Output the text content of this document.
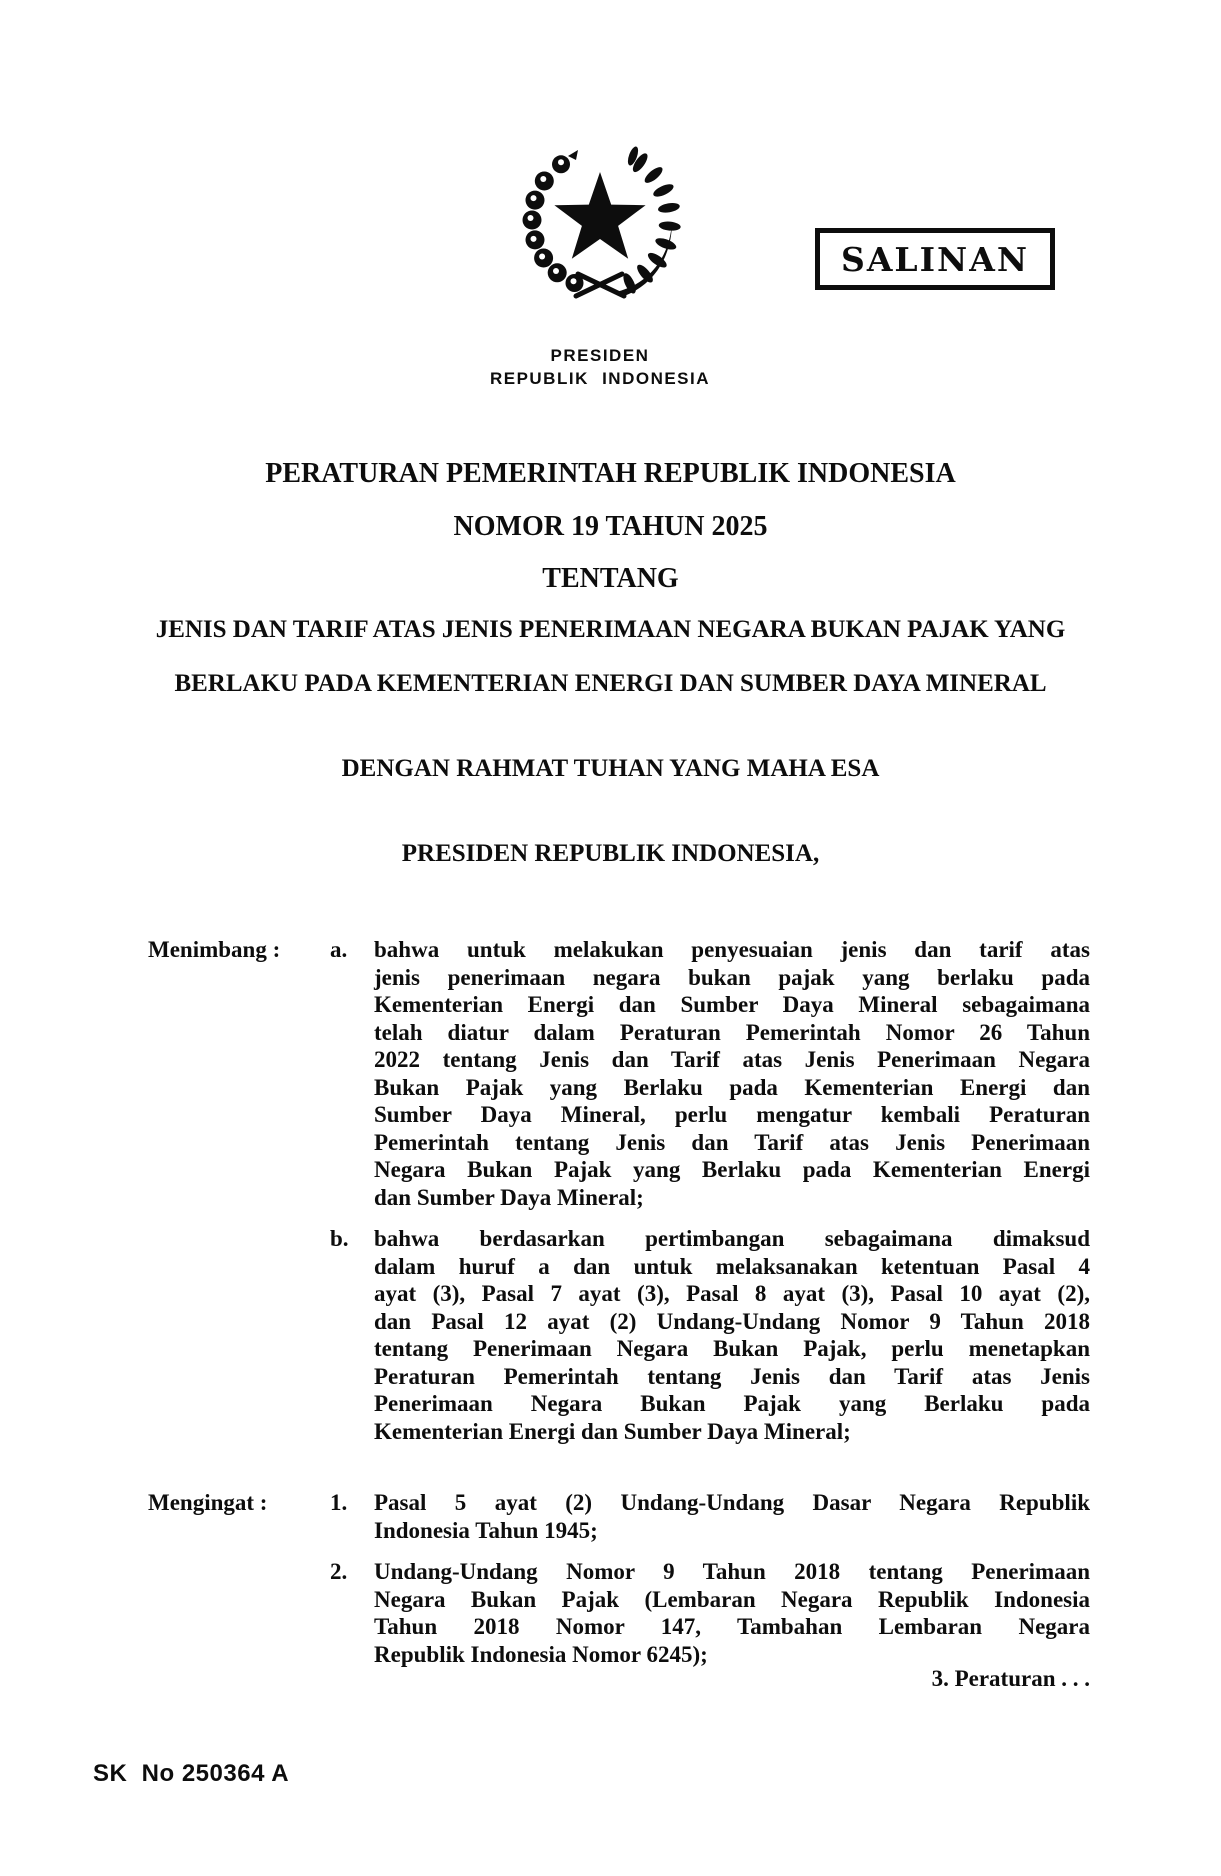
SALINAN
PRESIDEN
REPUBLIK INDONESIA
PERATURAN PEMERINTAH REPUBLIK INDONESIA
NOMOR 19 TAHUN 2025
TENTANG
JENIS DAN TARIF ATAS JENIS PENERIMAAN NEGARA BUKAN PAJAK YANG
BERLAKU PADA KEMENTERIAN ENERGI DAN SUMBER DAYA MINERAL
DENGAN RAHMAT TUHAN YANG MAHA ESA
PRESIDEN REPUBLIK INDONESIA,
Menimbang :	a.	bahwa untuk melakukan penyesuaian jenis dan tarif atas
jenis penerimaan negara bukan pajak yang berlaku pada
Kementerian Energi dan Sumber Daya Mineral sebagaimana
telah diatur dalam Peraturan Pemerintah Nomor 26 Tahun
2022 tentang Jenis dan Tarif atas Jenis Penerimaan Negara
Bukan Pajak yang Berlaku pada Kementerian Energi dan
Sumber Daya Mineral, perlu mengatur kembali Peraturan
Pemerintah tentang Jenis dan Tarif atas Jenis Penerimaan
Negara Bukan Pajak yang Berlaku pada Kementerian Energi
dan Sumber Daya Mineral;
b.	bahwa berdasarkan pertimbangan sebagaimana dimaksud
dalam huruf a dan untuk melaksanakan ketentuan Pasal 4
ayat (3), Pasal 7 ayat (3), Pasal 8 ayat (3), Pasal 10 ayat (2),
dan Pasal 12 ayat (2) Undang-Undang Nomor 9 Tahun 2018
tentang Penerimaan Negara Bukan Pajak, perlu menetapkan
Peraturan Pemerintah tentang Jenis dan Tarif atas Jenis
Penerimaan Negara Bukan Pajak yang Berlaku pada
Kementerian Energi dan Sumber Daya Mineral;
Mengingat :	1.	Pasal 5 ayat (2) Undang-Undang Dasar Negara Republik
Indonesia Tahun 1945;
2.	Undang-Undang Nomor 9 Tahun 2018 tentang Penerimaan
Negara Bukan Pajak (Lembaran Negara Republik Indonesia
Tahun 2018 Nomor 147, Tambahan Lembaran Negara
Republik Indonesia Nomor 6245);
3. Peraturan . . .
SK  No 250364 A
